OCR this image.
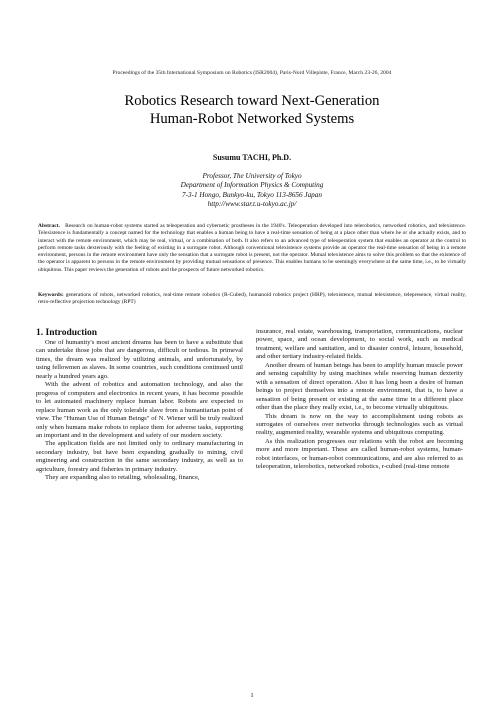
Proceedings of the 35th International Symposium on Robotics (ISR2004), Paris-Nord Villepinte, France, March 23-26, 2004
Robotics Research toward Next-Generation
Human-Robot Networked Systems
Susumu TACHI, Ph.D.
Professor, The University of Tokyo
Department of Information Physics & Computing
7-3-1 Hongo, Bunkyo-ku, Tokyo 113-8656 Japan
http://www.star.t.u-tokyo.ac.jp/
Abstract. Research on human-robot systems started as teleoperation and cybernetic prostheses in the 1940's. Teleoperation developed into telerobotics, networked robotics, and telexistence. Telexistence is fundamentally a concept named for the technology that enables a human being to have a real-time sensation of being at a place other than where he or she actually exists, and to interact with the remote environment, which may be real, virtual, or a combination of both. It also refers to an advanced type of teleoperation system that enables an operator at the control to perform remote tasks dexterously with the feeling of existing in a surrogate robot. Although conventional telexistence systems provide an operator the real-time sensation of being in a remote environment, persons in the remote environment have only the sensation that a surrogate robot is present, not the operator. Mutual telexistence aims to solve this problem so that the existence of the operator is apparent to persons in the remote environment by providing mutual sensations of presence. This enables humans to be seemingly everywhere at the same time, i.e., to be virtually ubiquitous. This paper reviews the generation of robots and the prospects of future networked robotics.
Keywords: generations of robots, networked robotics, real-time remote robotics (R-Cubed), humanoid robotics project (HRP), telexistence, mutual telexistence, telepresence, virtual reality, retro-reflective projection technology (RPT)
1. Introduction

One of humanity's most ancient dreams has been to have a substitute that can undertake those jobs that are dangerous, difficult or tedious. In primeval times, the dream was realized by utilizing animals, and unfortunately, by using fellowmen as slaves. In some countries, such conditions continued until nearly a hundred years ago.

With the advent of robotics and automation technology, and also the progress of computers and electronics in recent years, it has become possible to let automated machinery replace human labor. Robots are expected to replace human work as the only tolerable slave from a humanitarian point of view. The "Human Use of Human Beings" of N. Wiener will be truly realized only when humans make robots to replace them for adverse tasks, supporting an important and in the development and safety of our modern society.

The application fields are not limited only to ordinary manufacturing in secondary industry, but have been expanding gradually to mining, civil engineering and construction in the same secondary industry, as well as to agriculture, forestry and fisheries in primary industry.

They are expanding also to retailing, wholesaling, finance,

insurance, real estate, warehousing, transportation, communications, nuclear power, space, and ocean development, to social work, such as medical treatment, welfare and sanitation, and to disaster control, leisure, household, and other tertiary industry-related fields.

Another dream of human beings has been to amplify human muscle power and sensing capability by using machines while reserving human dexterity with a sensation of direct operation. Also it has long been a desire of human beings to project themselves into a remote environment, that is, to have a sensation of being present or existing at the same time in a different place other than the place they really exist, i.e., to become virtually ubiquitous.

This dream is now on the way to accomplishment using robots as surrogates of ourselves over networks through technologies such as virtual reality, augmented reality, wearable systems and ubiquitous computing.

As this realization progresses our relations with the robot are becoming more and more important. These are called human-robot systems, human-robot interfaces, or human-robot communications, and are also referred to as teleoperation, telerobotics, networked robotics, r-cubed (real-time remote

1
